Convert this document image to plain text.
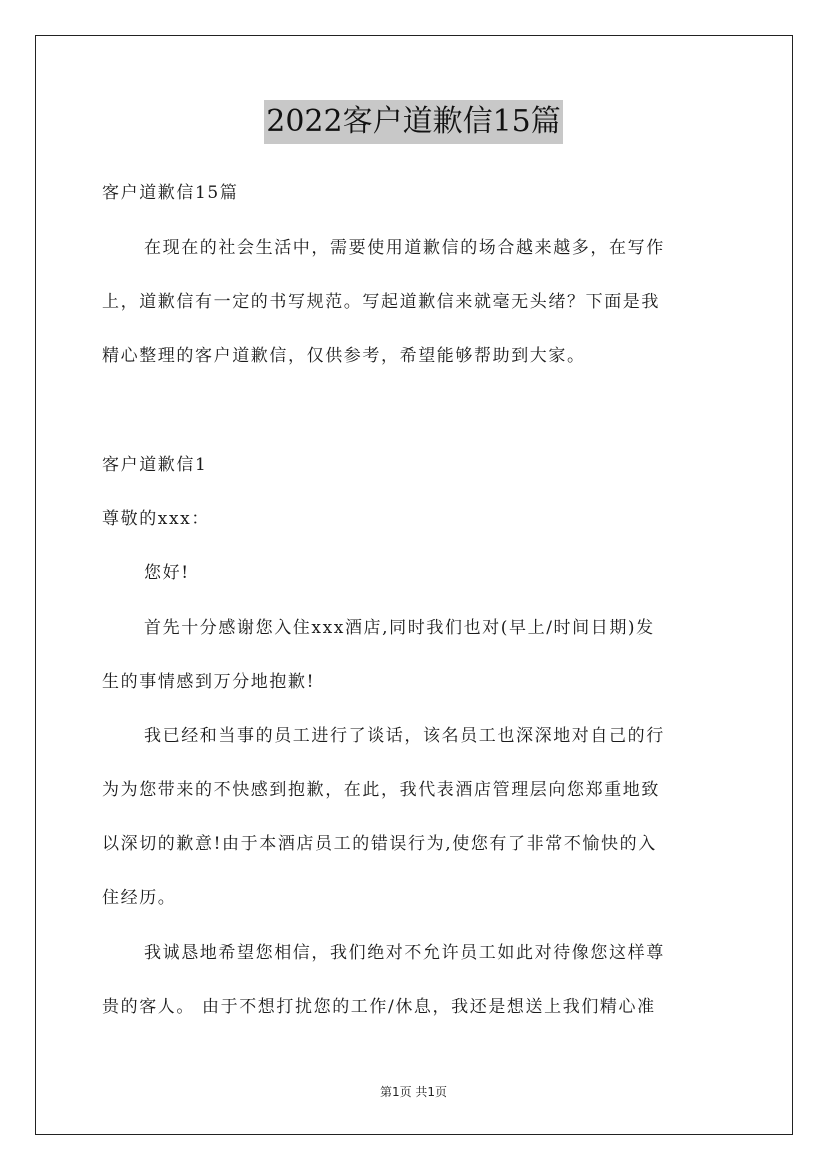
2022客户道歉信15篇
客户道歉信15篇
在现在的社会生活中，需要使用道歉信的场合越来越多，在写作
上，道歉信有一定的书写规范。写起道歉信来就毫无头绪？下面是我
精心整理的客户道歉信，仅供参考，希望能够帮助到大家。
客户道歉信1
尊敬的xxx：
您好!
首先十分感谢您入住xxx酒店,同时我们也对(早上/时间日期)发
生的事情感到万分地抱歉!
我已经和当事的员工进行了谈话，该名员工也深深地对自己的行
为为您带来的不快感到抱歉，在此，我代表酒店管理层向您郑重地致
以深切的歉意!由于本酒店员工的错误行为,使您有了非常不愉快的入
住经历。
我诚恳地希望您相信，我们绝对不允许员工如此对待像您这样尊
贵的客人。 由于不想打扰您的工作/休息，我还是想送上我们精心准
第1页 共1页
